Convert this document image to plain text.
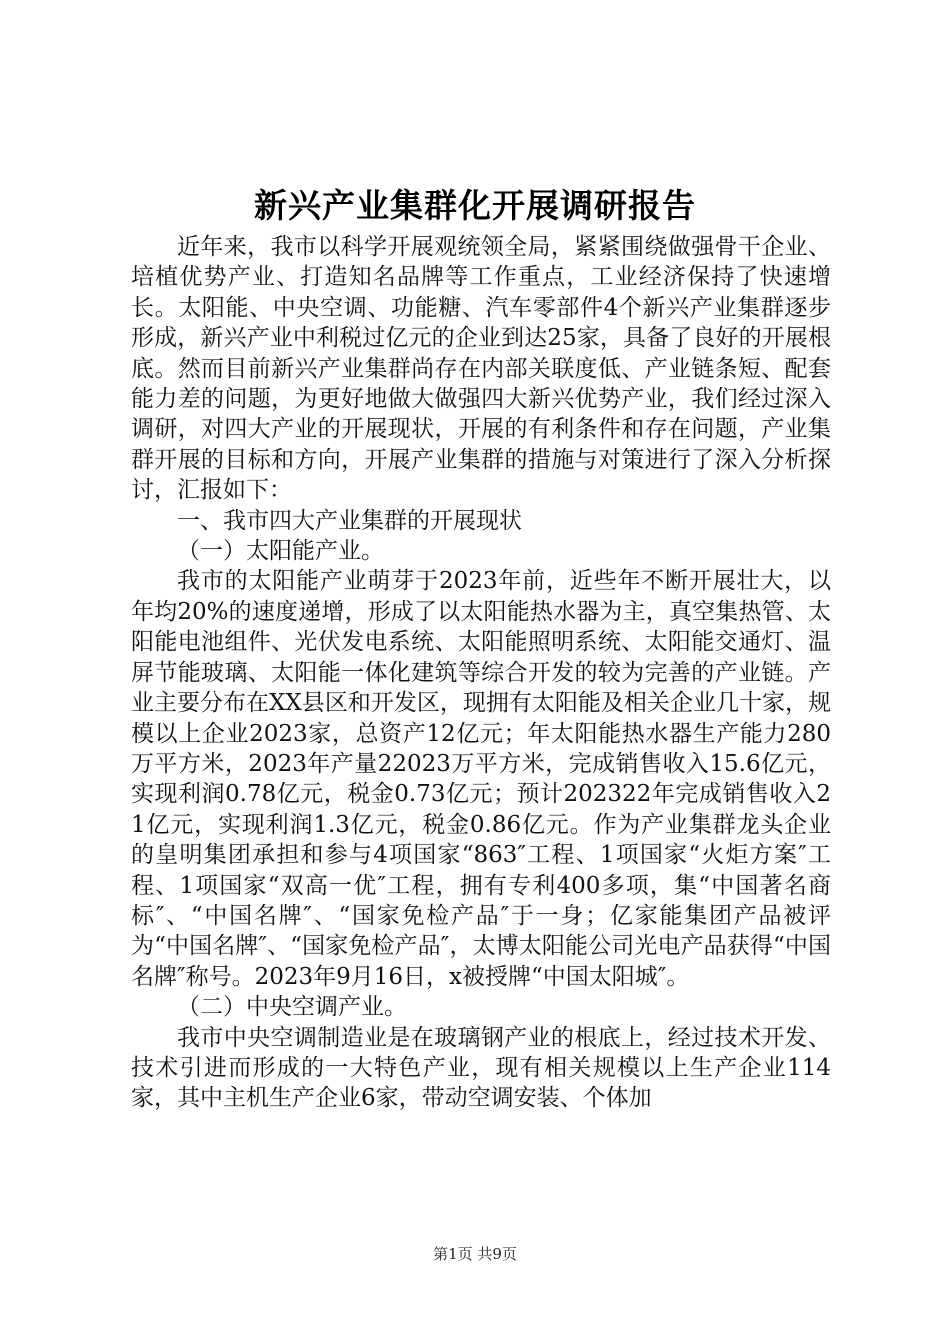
新兴产业集群化开展调研报告

近年来，我市以科学开展观统领全局，紧紧围绕做强骨干企业、培植优势产业、打造知名品牌等工作重点，工业经济保持了快速增长。太阳能、中央空调、功能糖、汽车零部件4个新兴产业集群逐步形成，新兴产业中利税过亿元的企业到达25家，具备了良好的开展根底。然而目前新兴产业集群尚存在内部关联度低、产业链条短、配套能力差的问题，为更好地做大做强四大新兴优势产业，我们经过深入调研，对四大产业的开展现状，开展的有利条件和存在问题，产业集群开展的目标和方向，开展产业集群的措施与对策进行了深入分析探讨，汇报如下：

一、我市四大产业集群的开展现状

（一）太阳能产业。

我市的太阳能产业萌芽于2023年前，近些年不断开展壮大，以年均20%的速度递增，形成了以太阳能热水器为主，真空集热管、太阳能电池组件、光伏发电系统、太阳能照明系统、太阳能交通灯、温屏节能玻璃、太阳能一体化建筑等综合开发的较为完善的产业链。产业主要分布在XX县区和开发区，现拥有太阳能及相关企业几十家，规模以上企业2023家，总资产12亿元；年太阳能热水器生产能力280万平方米，2023年产量22023万平方米，完成销售收入15.6亿元，实现利润0.78亿元，税金0.73亿元；预计202322年完成销售收入21亿元，实现利润1.3亿元，税金0.86亿元。作为产业集群龙头企业的皇明集团承担和参与4项国家“863″工程、1项国家“火炬方案″工程、1项国家“双高一优″工程，拥有专利400多项，集“中国著名商标″、“中国名牌″、“国家免检产品″于一身；亿家能集团产品被评为“中国名牌″、“国家免检产品″，太博太阳能公司光电产品获得“中国名牌″称号。2023年9月16日，x被授牌“中国太阳城″。

（二）中央空调产业。

我市中央空调制造业是在玻璃钢产业的根底上，经过技术开发、技术引进而形成的一大特色产业，现有相关规模以上生产企业114家，其中主机生产企业6家，带动空调安装、个体加

第1页 共9页
